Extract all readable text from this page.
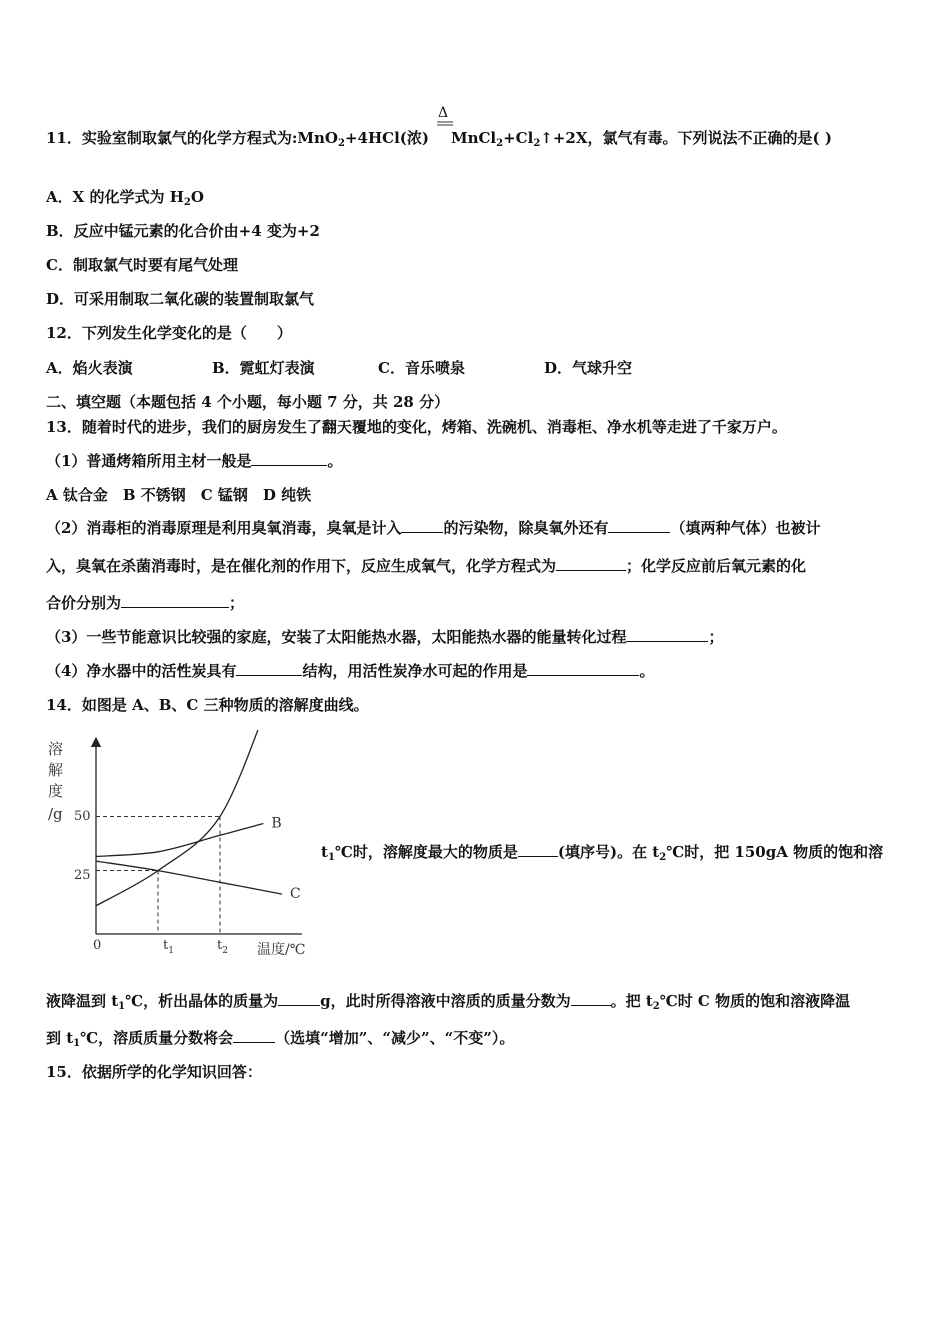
Δ
11．实验室制取氯气的化学方程式为:MnO$_2$+4HCl(浓) $MnCl_2+Cl_2↑+2X$，氯气有毒。下列说法不正确的是( )
A．X 的化学式为 $H_2O$
B．反应中锰元素的化合价由+4 变为+2
C．制取氯气时要有尾气处理
D．可采用制取二氧化碳的装置制取氯气
12．下列发生化学变化的是（　　）
A．焰火表演	B．霓虹灯表演	C．音乐喷泉	D．气球升空
二、填空题（本题包括 4 个小题，每小题 7 分，共 28 分）
13．随着时代的进步，我们的厨房发生了翻天覆地的变化，烤箱、洗碗机、消毒柜、净水机等走进了千家万户。
（1）普通烤箱所用主材一般是	。
A 钛合金　B 不锈钢　C 锰钢　D 纯铁
（2）消毒柜的消毒原理是利用臭氧消毒，臭氧是计入	的污染物，除臭氧外还有	（填两种气体）也被计
入，臭氧在杀菌消毒时，是在催化剂的作用下，反应生成氧气，化学方程式为	；化学反应前后氧元素的化
合价分别为	；
（3）一些节能意识比较强的家庭，安装了太阳能热水器，太阳能热水器的能量转化过程	；
（4）净水器中的活性炭具有	结构，用活性炭净水可起的作用是	。
14．如图是 A、B、C 三种物质的溶解度曲线。
溶
解
度
/g 50
25
0	$t_1$	$t_2$ 温度/℃
B
C
$t_1℃$时，溶解度最大的物质是	(填序号)。在 $t_2℃$时，把 150gA 物质的饱和溶
液降温到 $t_1℃$，析出晶体的质量为	g，此时所得溶液中溶质的质量分数为	。把 $t_2℃$时 C 物质的饱和溶液降温
到 $t_1℃$，溶质质量分数将会	（选填“增加”、“减少”、“不变”）。
15．依据所学的化学知识回答：
